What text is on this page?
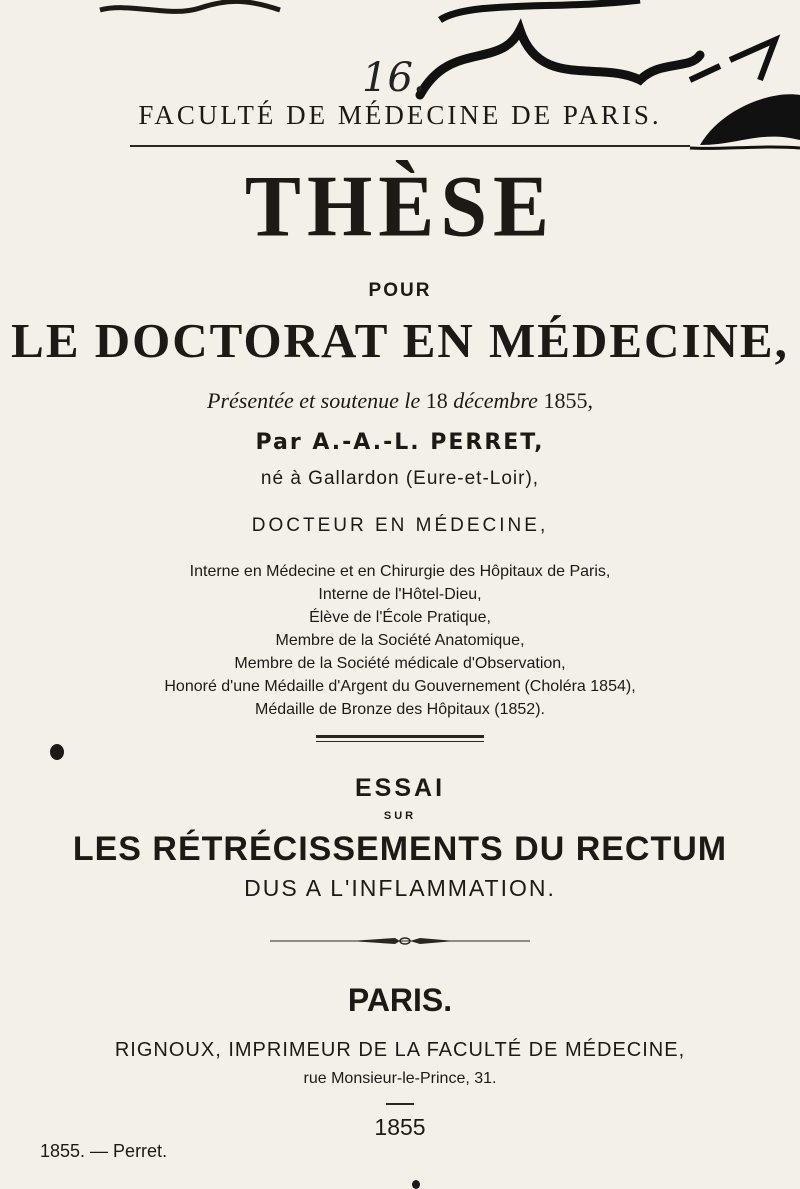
16.
FACULTÉ DE MÉDECINE DE PARIS.
THÈSE
POUR
LE DOCTORAT EN MÉDECINE,
Présentée et soutenue le 18 décembre 1855,
Par A.-A.-L. PERRET,
né à Gallardon (Eure-et-Loir),
DOCTEUR EN MÉDECINE,
Interne en Médecine et en Chirurgie des Hôpitaux de Paris,
Interne de l'Hôtel-Dieu,
Élève de l'École Pratique,
Membre de la Société Anatomique,
Membre de la Société médicale d'Observation,
Honoré d'une Médaille d'Argent du Gouvernement (Choléra 1854),
Médaille de Bronze des Hôpitaux (1852).
ESSAI
SUR
LES RÉTRÉCISSEMENTS DU RECTUM
DUS A L'INFLAMMATION.
PARIS.
RIGNOUX, IMPRIMEUR DE LA FACULTÉ DE MÉDECINE,
rue Monsieur-le-Prince, 31.
1855
1855. — Perret.
